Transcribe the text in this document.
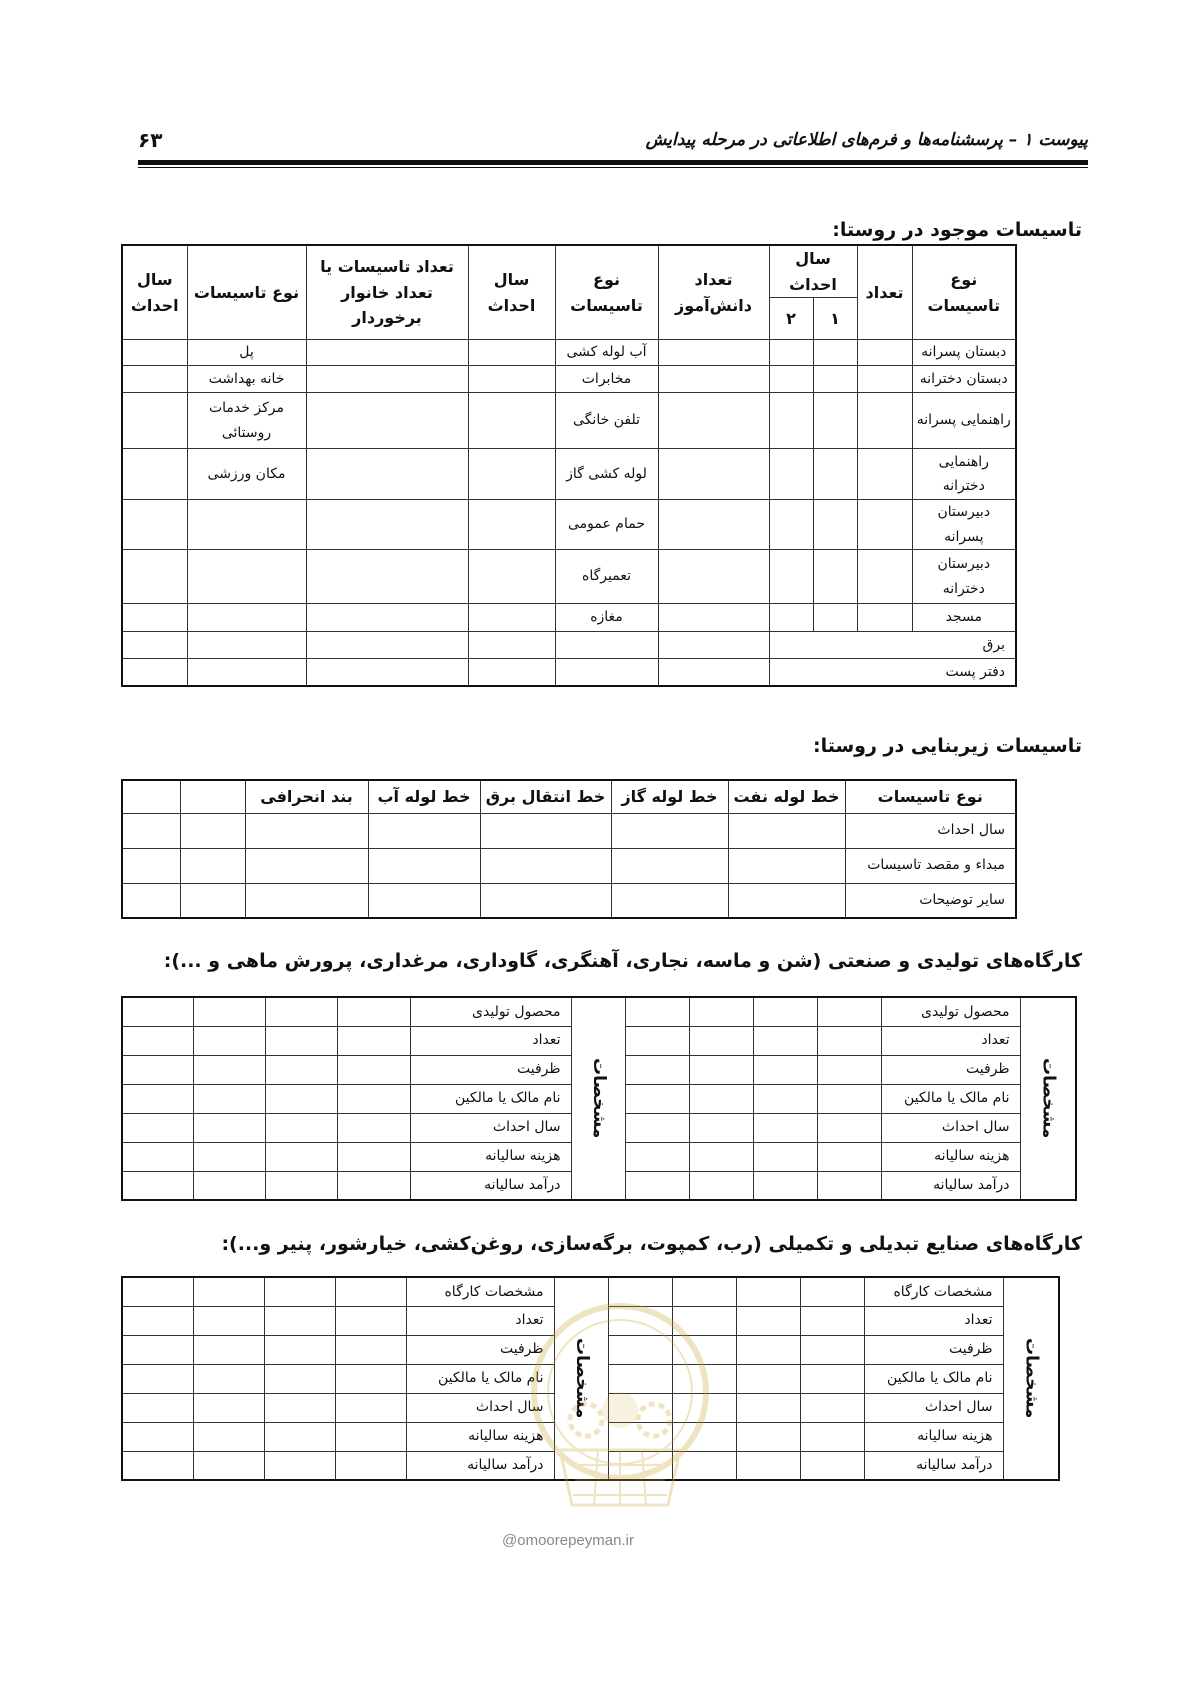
پیوست ۱ – پرسشنامه‌ها و فرم‌های اطلاعاتی در مرحله پیدایش
۶۳
تاسیسات موجود در روستا:
نوع تاسیسات	تعداد	سال احداث		تعداد دانش‌آموز	نوع تاسیسات	سال احداث	تعداد تاسیسات یا تعداد خانوار برخوردار	نوع تاسیسات	سال احداث
		۱	۲						
دبستان پسرانه					آب لوله کشی			پل	
دبستان دخترانه					مخابرات			خانه بهداشت	
راهنمایی پسرانه					تلفن خانگی			مرکز خدمات روستائی	
راهنمایی دخترانه					لوله کشی گاز			مکان ورزشی	
دبیرستان پسرانه					حمام عمومی				
دبیرستان دخترانه					تعمیرگاه				
مسجد					مغازه				
برق									
دفتر پست									
تاسیسات زیربنایی در روستا:
نوع تاسیسات	خط لوله نفت	خط لوله گاز	خط انتقال برق	خط لوله آب	بند انحرافی		
سال احداث							
مبداء و مقصد تاسیسات							
سایر توضیحات							
کارگاه‌های تولیدی و صنعتی (شن و ماسه، نجاری، آهنگری، گاوداری، مرغداری، پرورش ماهی و ...):
مشخصات	محصول تولیدی					مشخصات	محصول تولیدی				
	تعداد						تعداد				
	ظرفیت						ظرفیت				
	نام مالک یا مالکین						نام مالک یا مالکین				
	سال احداث						سال احداث				
	هزینه سالیانه						هزینه سالیانه				
	درآمد سالیانه						درآمد سالیانه				
کارگاه‌های صنایع تبدیلی و تکمیلی (رب، کمپوت، برگه‌سازی، روغن‌کشی، خیارشور، پنیر و...):
مشخصات	مشخصات کارگاه					مشخصات	مشخصات کارگاه				
	تعداد						تعداد				
	ظرفیت						ظرفیت				
	نام مالک یا مالکین						نام مالک یا مالکین				
	سال احداث						سال احداث				
	هزینه سالیانه						هزینه سالیانه				
	درآمد سالیانه						درآمد سالیانه				
@omoorepeyman.ir
